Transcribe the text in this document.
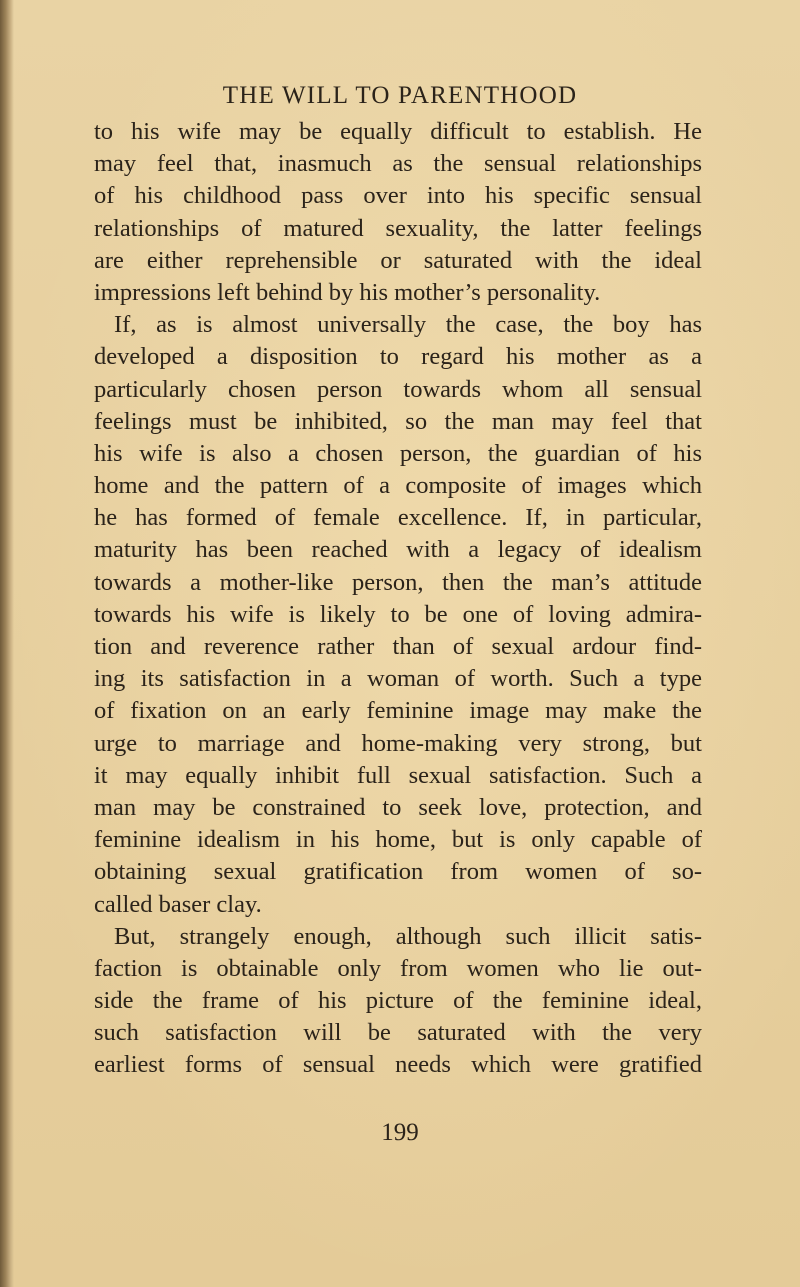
THE WILL TO PARENTHOOD
to his wife may be equally difficult to establish. He
may feel that, inasmuch as the sensual relationships
of his childhood pass over into his specific sensual
relationships of matured sexuality, the latter feelings
are either reprehensible or saturated with the ideal
impressions left behind by his mother’s personality.
If, as is almost universally the case, the boy has
developed a disposition to regard his mother as a
particularly chosen person towards whom all sensual
feelings must be inhibited, so the man may feel that
his wife is also a chosen person, the guardian of his
home and the pattern of a composite of images which
he has formed of female excellence. If, in particular,
maturity has been reached with a legacy of idealism
towards a mother-like person, then the man’s attitude
towards his wife is likely to be one of loving admira-
tion and reverence rather than of sexual ardour find-
ing its satisfaction in a woman of worth. Such a type
of fixation on an early feminine image may make the
urge to marriage and home-making very strong, but
it may equally inhibit full sexual satisfaction. Such a
man may be constrained to seek love, protection, and
feminine idealism in his home, but is only capable of
obtaining sexual gratification from women of so-
called baser clay.
But, strangely enough, although such illicit satis-
faction is obtainable only from women who lie out-
side the frame of his picture of the feminine ideal,
such satisfaction will be saturated with the very
earliest forms of sensual needs which were gratified
199
